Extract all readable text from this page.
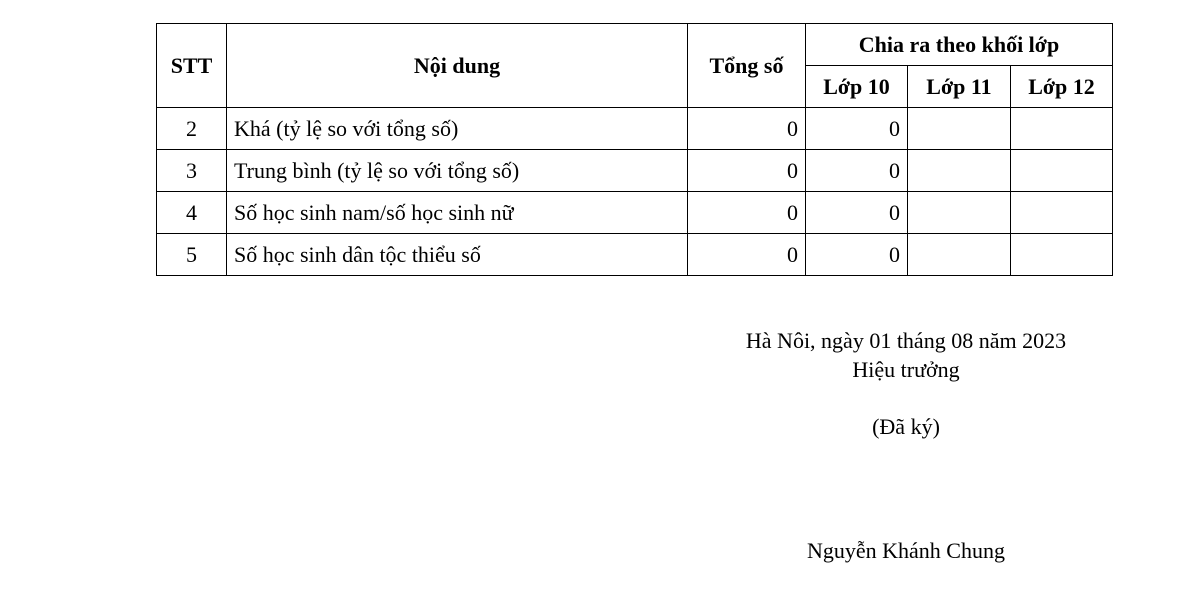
STT	Nội dung	Tổng số	Chia ra theo khối lớp		
			Lớp 10	Lớp 11	Lớp 12
2	Khá (tỷ lệ so với tổng số)	0	0		
3	Trung bình (tỷ lệ so với tổng số)	0	0		
4	Số học sinh nam/số học sinh nữ	0	0		
5	Số học sinh dân tộc thiểu số	0	0		
Hà Nôi, ngày 01 tháng 08 năm 2023
Hiệu trưởng
(Đã ký)
Nguyễn Khánh Chung
